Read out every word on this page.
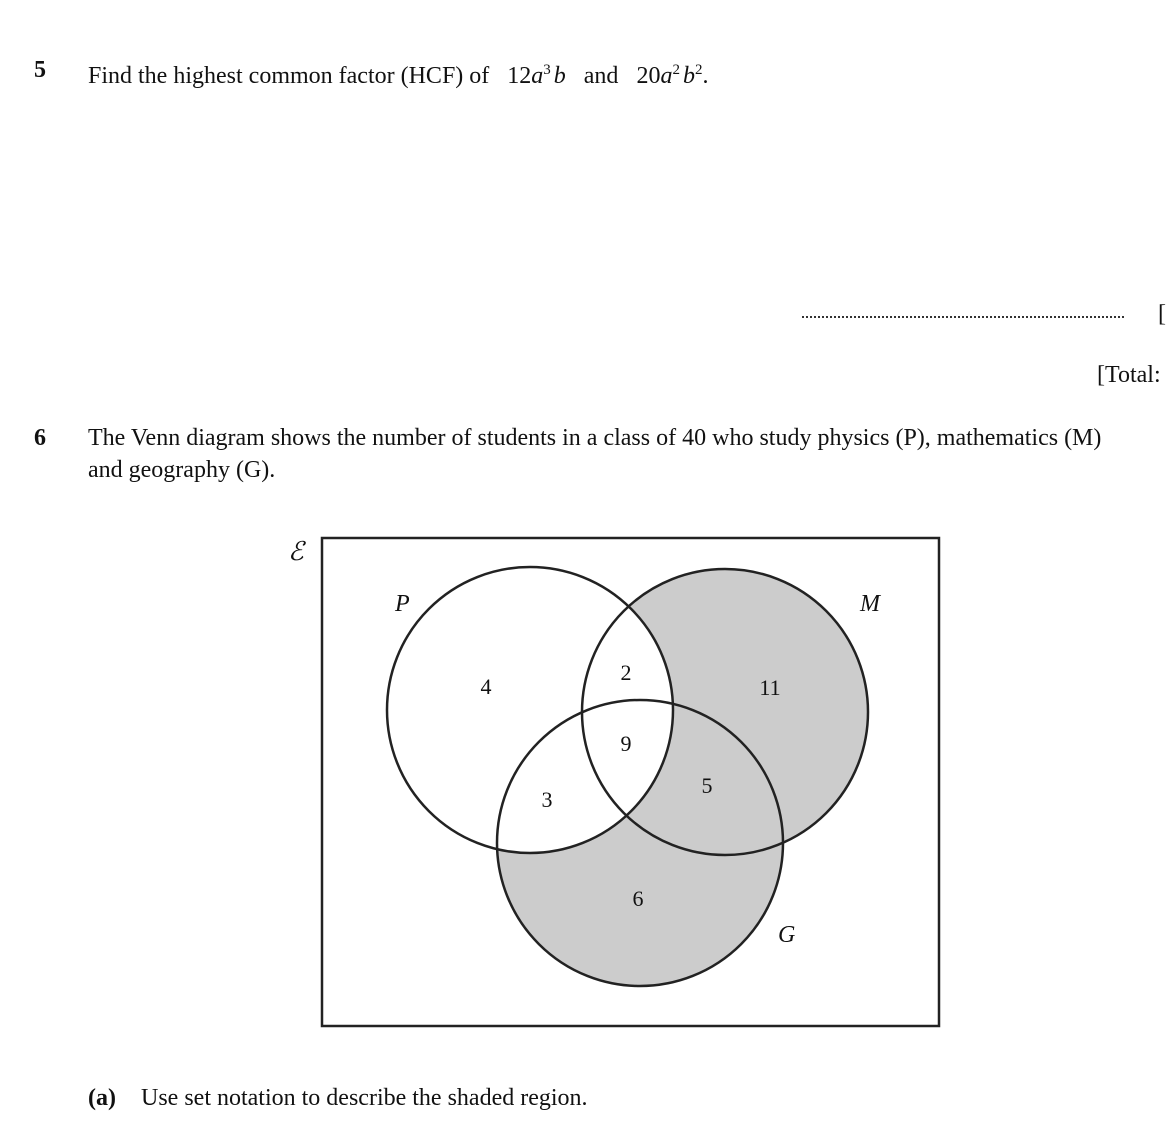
5 Find the highest common factor (HCF) of $12a^3$ b and $20a^2$ $b^2$.
[
[Total:
6 The Venn diagram shows the number of students in a class of 40 who study physics (P), mathematics (M)
and geography (G).
ℰ
P	M
G
4
2
11
9
3
5
6
(a) Use set notation to describe the shaded region.
